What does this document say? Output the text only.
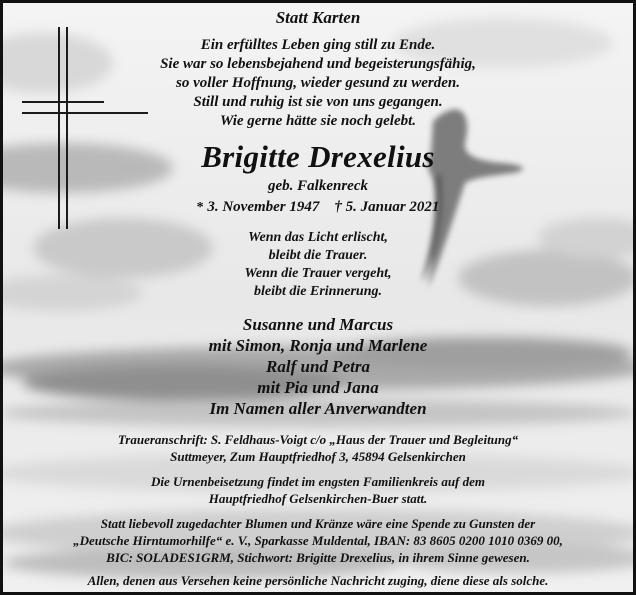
Statt Karten
Ein erfülltes Leben ging still zu Ende.
Sie war so lebensbejahend und begeisterungsfähig,
so voller Hoffnung, wieder gesund zu werden.
Still und ruhig ist sie von uns gegangen.
Wie gerne hätte sie noch gelebt.
Brigitte Drexelius
geb. Falkenreck
* 3. November 1947 † 5. Januar 2021
Wenn das Licht erlischt,
bleibt die Trauer.
Wenn die Trauer vergeht,
bleibt die Erinnerung.
Susanne und Marcus
mit Simon, Ronja und Marlene
Ralf und Petra
mit Pia und Jana
Im Namen aller Anverwandten
Traueranschrift: S. Feldhaus-Voigt c/o „Haus der Trauer und Begleitung“
Suttmeyer, Zum Hauptfriedhof 3, 45894 Gelsenkirchen
Die Urnenbeisetzung findet im engsten Familienkreis auf dem
Hauptfriedhof Gelsenkirchen-Buer statt.
Statt liebevoll zugedachter Blumen und Kränze wäre eine Spende zu Gunsten der
„Deutsche Hirntumorhilfe“ e. V., Sparkasse Muldental, IBAN: 83 8605 0200 1010 0369 00,
BIC: SOLADES1GRM, Stichwort: Brigitte Drexelius, in ihrem Sinne gewesen.
Allen, denen aus Versehen keine persönliche Nachricht zuging, diene diese als solche.
